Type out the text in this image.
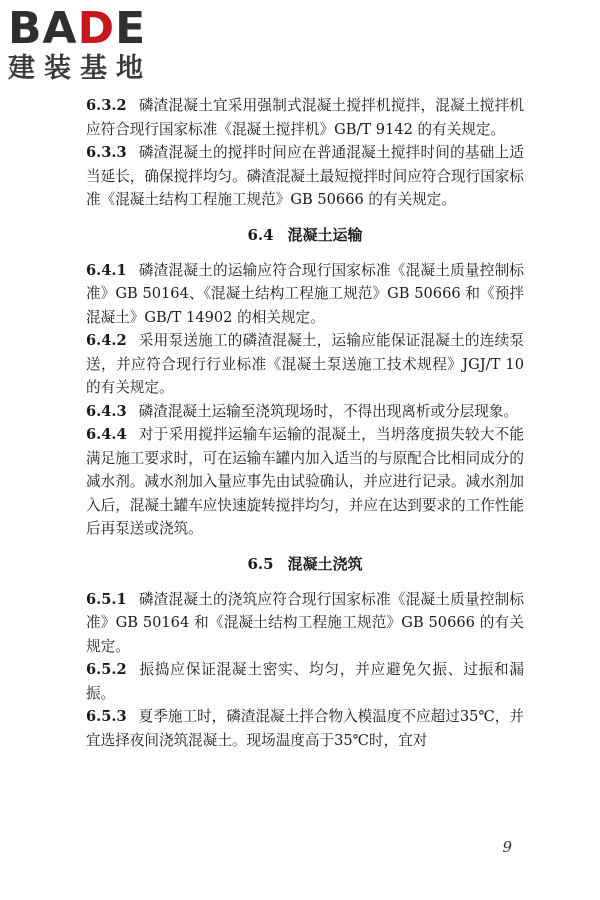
BADE
建装基地
6.3.2 磷渣混凝土宜采用强制式混凝土搅拌机搅拌，混凝土搅拌机应符合现行国家标准《混凝土搅拌机》GB/T 9142 的有关规定。
6.3.3 磷渣混凝土的搅拌时间应在普通混凝土搅拌时间的基础上适当延长，确保搅拌均匀。磷渣混凝土最短搅拌时间应符合现行国家标准《混凝土结构工程施工规范》GB 50666 的有关规定。
6.4 混凝土运输
6.4.1 磷渣混凝土的运输应符合现行国家标准《混凝土质量控制标准》GB 50164、《混凝土结构工程施工规范》GB 50666 和《预拌混凝土》GB/T 14902 的相关规定。
6.4.2 采用泵送施工的磷渣混凝土，运输应能保证混凝土的连续泵送，并应符合现行行业标准《混凝土泵送施工技术规程》JGJ/T 10 的有关规定。
6.4.3 磷渣混凝土运输至浇筑现场时，不得出现离析或分层现象。
6.4.4 对于采用搅拌运输车运输的混凝土，当坍落度损失较大不能满足施工要求时，可在运输车罐内加入适当的与原配合比相同成分的减水剂。减水剂加入量应事先由试验确认，并应进行记录。减水剂加入后，混凝土罐车应快速旋转搅拌均匀，并应在达到要求的工作性能后再泵送或浇筑。
6.5 混凝土浇筑
6.5.1 磷渣混凝土的浇筑应符合现行国家标准《混凝土质量控制标准》GB 50164 和《混凝土结构工程施工规范》GB 50666 的有关规定。
6.5.2 振捣应保证混凝土密实、均匀，并应避免欠振、过振和漏振。
6.5.3 夏季施工时，磷渣混凝土拌合物入模温度不应超过35℃，并宜选择夜间浇筑混凝土。现场温度高于35℃时，宜对
9
